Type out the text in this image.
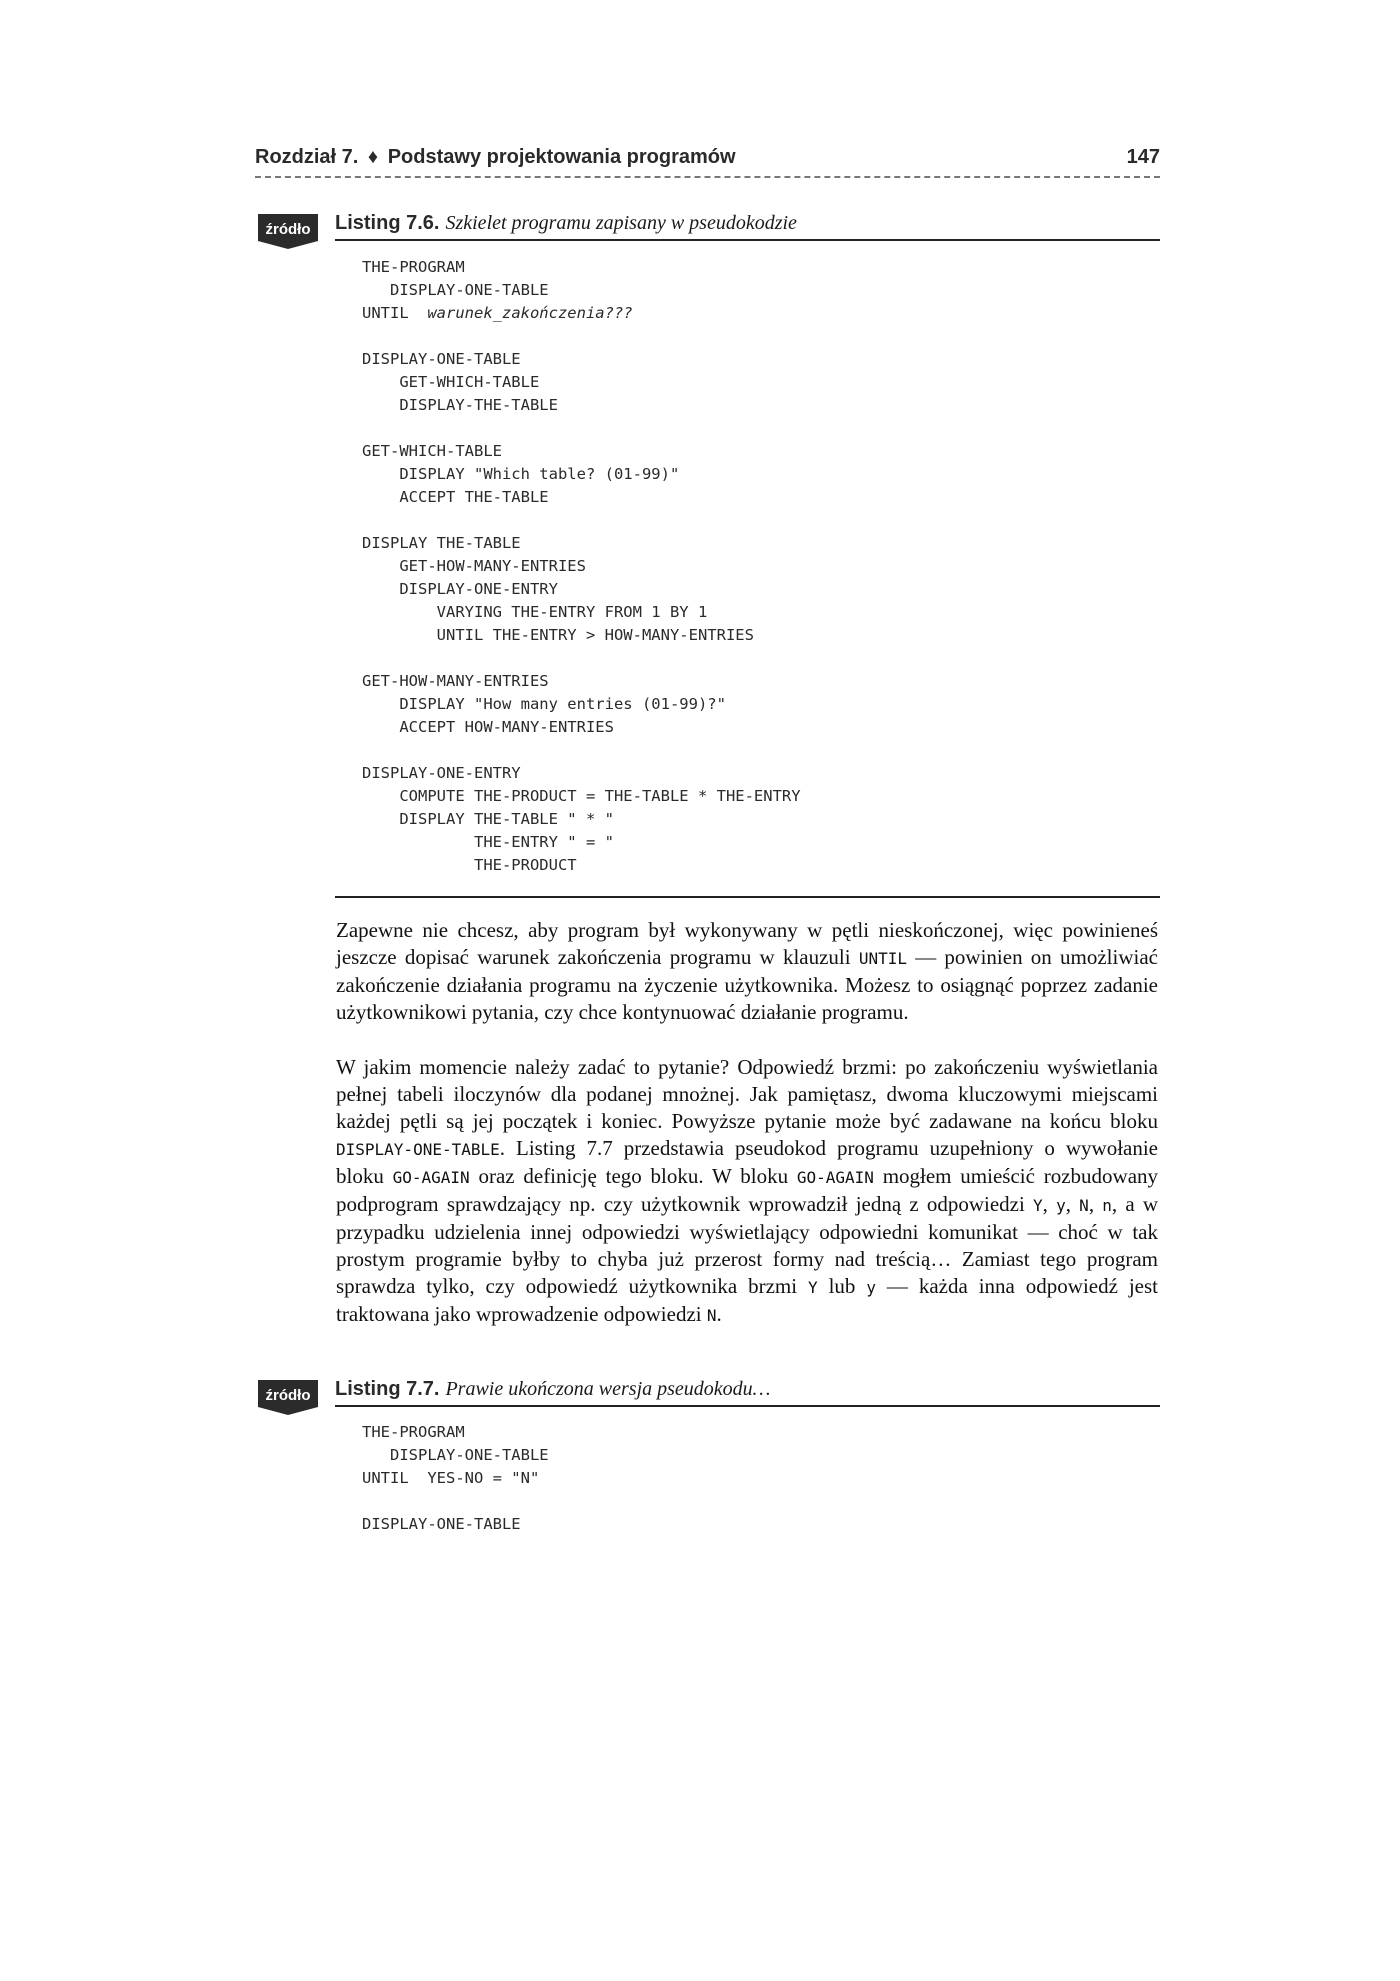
Rozdział 7. ♦ Podstawy projektowania programów	147
źródło Listing 7.6. Szkielet programu zapisany w pseudokodzie
THE-PROGRAM
DISPLAY-ONE-TABLE
UNTIL  warunek_zakończenia???
DISPLAY-ONE-TABLE
GET-WHICH-TABLE
DISPLAY-THE-TABLE
GET-WHICH-TABLE
DISPLAY "Which table? (01-99)"
ACCEPT THE-TABLE
DISPLAY THE-TABLE
GET-HOW-MANY-ENTRIES
DISPLAY-ONE-ENTRY
VARYING THE-ENTRY FROM 1 BY 1
UNTIL THE-ENTRY > HOW-MANY-ENTRIES
GET-HOW-MANY-ENTRIES
DISPLAY "How many entries (01-99)?"
ACCEPT HOW-MANY-ENTRIES
DISPLAY-ONE-ENTRY
COMPUTE THE-PRODUCT = THE-TABLE * THE-ENTRY
DISPLAY THE-TABLE " * "
THE-ENTRY " = "
THE-PRODUCT

Zapewne nie chcesz, aby program był wykonywany w pętli nieskończonej, więc powinieneś jeszcze dopisać warunek zakończenia programu w klauzuli UNTIL — powinien on umożliwiać zakończenie działania programu na życzenie użytkownika. Możesz to osiągnąć poprzez zadanie użytkownikowi pytania, czy chce kontynuować działanie programu.

W jakim momencie należy zadać to pytanie? Odpowiedź brzmi: po zakończeniu wyświetlania pełnej tabeli iloczynów dla podanej mnożnej. Jak pamiętasz, dwoma kluczowymi miejscami każdej pętli są jej początek i koniec. Powyższe pytanie może być zadawane na końcu bloku DISPLAY-ONE-TABLE. Listing 7.7 przedstawia pseudokod programu uzupełniony o wywołanie bloku GO-AGAIN oraz definicję tego bloku. W bloku GO-AGAIN mogłem umieścić rozbudowany podprogram sprawdzający np. czy użytkownik wprowadził jedną z odpowiedzi Y, y, N, n, a w przypadku udzielenia innej odpowiedzi wyświetlający odpowiedni komunikat — choć w tak prostym programie byłby to chyba już przerost formy nad treścią… Zamiast tego program sprawdza tylko, czy odpowiedź użytkownika brzmi Y lub y — każda inna odpowiedź jest traktowana jako wprowadzenie odpowiedzi N.

źródło Listing 7.7. Prawie ukończona wersja pseudokodu…
THE-PROGRAM
DISPLAY-ONE-TABLE
UNTIL  YES-NO = "N"
DISPLAY-ONE-TABLE
